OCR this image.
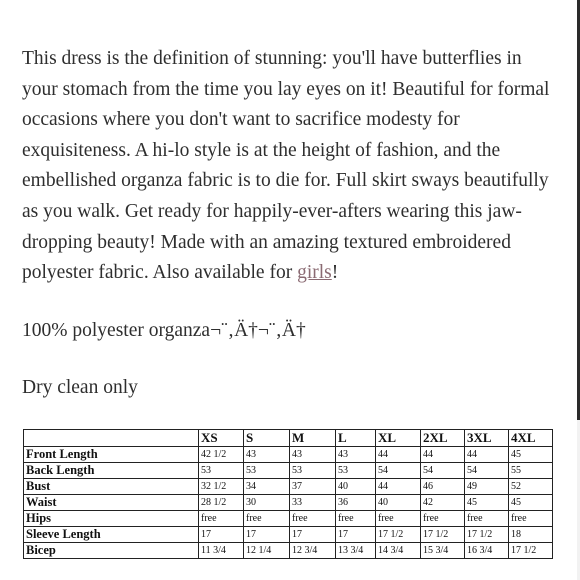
This dress is the definition of stunning: you'll have butterflies in your stomach from the time you lay eyes on it! Beautiful for formal occasions where you don't want to sacrifice modesty for exquisiteness. A hi-lo style is at the height of fashion, and the embellished organza fabric is to die for. Full skirt sways beautifully as you walk. Get ready for happily-ever-afters wearing this jaw-dropping beauty! Made with an amazing textured embroidered polyester fabric. Also available for girls!

100% polyester organza¬¨‚Ä†¬¨‚Ä†

Dry clean only

	XS	S	M	L	XL	2XL	3XL	4XL
Front Length	42 1/2	43	43	43	44	44	44	45
Back Length	53	53	53	53	54	54	54	55
Bust	32 1/2	34	37	40	44	46	49	52
Waist	28 1/2	30	33	36	40	42	45	45
Hips	free	free	free	free	free	free	free	free
Sleeve Length	17	17	17	17	17 1/2	17 1/2	17 1/2	18
Bicep	11 3/4	12 1/4	12 3/4	13 3/4	14 3/4	15 3/4	16 3/4	17 1/2
